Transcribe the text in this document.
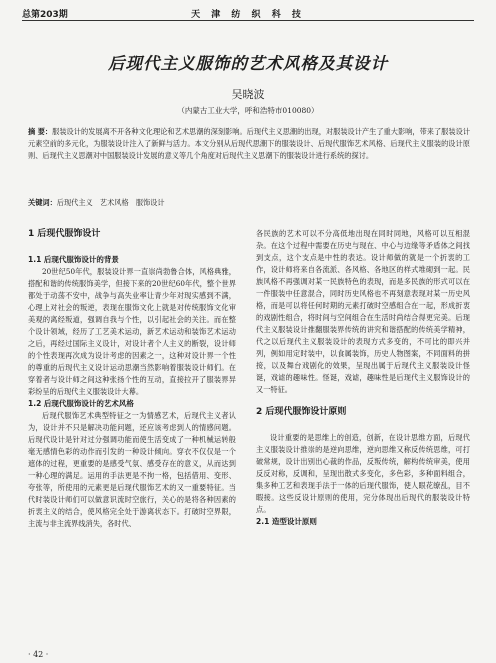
总第203期	天 津 纺 织 科 技
后现代主义服饰的艺术风格及其设计
吴晓波
（内蒙古工业大学，呼和浩特市010080）
摘 要：服装设计的发展离不开各种文化理论和艺术思潮的深刻影响。后现代主义思潮的出现，对服装设计产生了重大影响，带来了服装设计元素空前的多元化，为服装设计注入了新鲜与活力。本文分别从后现代思潮下的服装设计、后现代服饰艺术风格、后现代主义服装的设计原则、后现代主义思潮对中国服装设计发展的意义等几个角度对后现代主义思潮下的服装设计进行系统的探讨。
关键词：后现代主义　艺术风格　服饰设计

1 后现代服饰设计

1.1 后现代服饰设计的背景

20世纪50年代，服装设计界一直崇尚勃鲁合体，风格典雅，搭配和谐的传统服饰美学，但接下来的20世纪60年代，整个世界都处于动荡不安中，战争与高失业率让青少年对现实感到不满，心理上对社会的叛逆，表现在服饰文化上就是对传统服饰文化审美观的离经叛道，强调自我与个性，以引起社会的关注。而在整个设计领域，经历了工艺美术运动，新艺术运动和装饰艺术运动之后，再经过国际主义设计，对设计者个人主义的断裂，设计师的个性表现再次成为设计考虑的因素之一，这种对设计界一个性的尊重的后现代主义设计运动思潮当然影响着服装设计师们。在穿着者与设计师之间这种张扬个性的互动，直接拉开了服装界异彩纷呈的后现代主义服装设计大幕。

1.2 后现代服饰设计的艺术风格

后现代服饰艺术典型特征之一为情感艺术，后现代主义者认为，设计并不只是解决功能问题，还应该考虑到人的情感问题。后现代设计是针对过分强调功能而使生活变成了一种机械运转般毫无感情色彩的动作而引发的一种设计倾向。穿衣不仅仅是一个遮体的过程，更重要的是感受气氛、感受存在的意义，从而达到一种心理的满足。运用的手法更是不拘一格，包括借用、变形、夸张等，所使用的元素更是后现代服饰艺术的又一重要特征。当代时装设计师们可以做意识流时空旅行，关心的是将各种因素的折衷主义的结合，使风格完全处于游离状态下。打破时空界限，主流与非主流界线消失，各时代、

各民族的艺术可以不分高低地出现在同时同地，风格可以互相混杂。在这个过程中需要在历史与现在、中心与边缘等矛盾体之间找到支点，这个支点是中性的表达。设计师做的就是一个折衷的工作，设计师将来自各流派、各风格、各地区的样式堆砌到一起。民族风格不再强调对某一民族特色的表现，而是多民族的形式可以在一件服装中任意混合，同时历史风格也不再刻意表现对某一历史风格，而是可以将任何时期的元素打破时空感组合在一起，形成折衷的戏剧性组合，将时间与空间组合在生活时尚结合得更完美。后现代主义服装设计推翻服装界传统的讲究和谐搭配的传统美学精神，代之以后现代主义服装设计的表现方式多变的，不可比的即兴并列，例如用定时装中，以食属装饰，历史人物图案，不同面料的拼接，以及舞台戏剧化的效果，呈现出属于后现代主义服装设计怪诞，戏谑的趣味性。怪诞，戏谑，趣味性是后现代主义服饰设计的又一特征。

2 后现代服饰设计原则

设计重要的是思维上的创造，创新，在设计思维方面，后现代主义服装设计推崇的是逆向思维，逆向思维又称反传统思维，可打破常规，设计出别出心裁的作品，反叛传统，解构传统审美，使用反反对称，反调和，呈现出散式多变化，多色彩，多种面料组合，集多种工艺和表现手法于一体的后现代服饰，使人眼花缭乱，目不暇接。这些反设计原则的使用，完分体现出后现代的服装设计特点。

2.1 造型设计原则

· 42 ·
